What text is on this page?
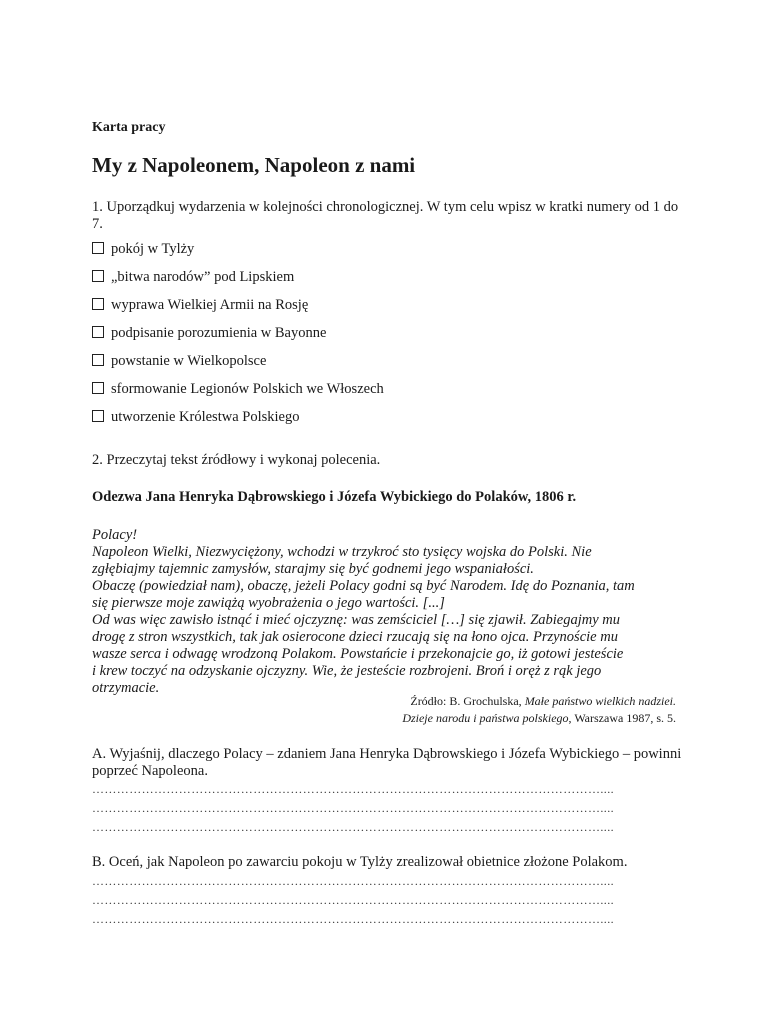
Karta pracy
My z Napoleonem, Napoleon z nami
1. Uporządkuj wydarzenia w kolejności chronologicznej. W tym celu wpisz w kratki numery od 1 do 7.
pokój w Tylży
„bitwa narodów” pod Lipskiem
wyprawa Wielkiej Armii na Rosję
podpisanie porozumienia w Bayonne
powstanie w Wielkopolsce
sformowanie Legionów Polskich we Włoszech
utworzenie Królestwa Polskiego
2. Przeczytaj tekst źródłowy i wykonaj polecenia.
Odezwa Jana Henryka Dąbrowskiego i Józefa Wybickiego do Polaków, 1806 r.
Polacy!
Napoleon Wielki, Niezwyciężony, wchodzi w trzykroć sto tysięcy wojska do Polski. Nie
zgłębiajmy tajemnic zamysłów, starajmy się być godnemi jego wspaniałości.
Obaczę (powiedział nam), obaczę, jeżeli Polacy godni są być Narodem. Idę do Poznania, tam
się pierwsze moje zawiążą wyobrażenia o jego wartości. [...]
Od was więc zawisło istnąć i mieć ojczyznę: was zemściciel […] się zjawił. Zabiegajmy mu
drogę z stron wszystkich, tak jak osierocone dzieci rzucają się na łono ojca. Przynoście mu
wasze serca i odwagę wrodzoną Polakom. Powstańcie i przekonajcie go, iż gotowi jesteście
i krew toczyć na odzyskanie ojczyzny. Wie, że jesteście rozbrojeni. Broń i oręż z rąk jego
otrzymacie.
Źródło: B. Grochulska, Małe państwo wielkich nadziei.
Dzieje narodu i państwa polskiego, Warszawa 1987, s. 5.
A. Wyjaśnij, dlaczego Polacy – zdaniem Jana Henryka Dąbrowskiego i Józefa Wybickiego – powinni poprzeć Napoleona.
……………………………………………………………………………………………………………....
……………………………………………………………………………………………………………....
……………………………………………………………………………………………………………....
B. Oceń, jak Napoleon po zawarciu pokoju w Tylży zrealizował obietnice złożone Polakom.
……………………………………………………………………………………………………………....
……………………………………………………………………………………………………………....
……………………………………………………………………………………………………………....
